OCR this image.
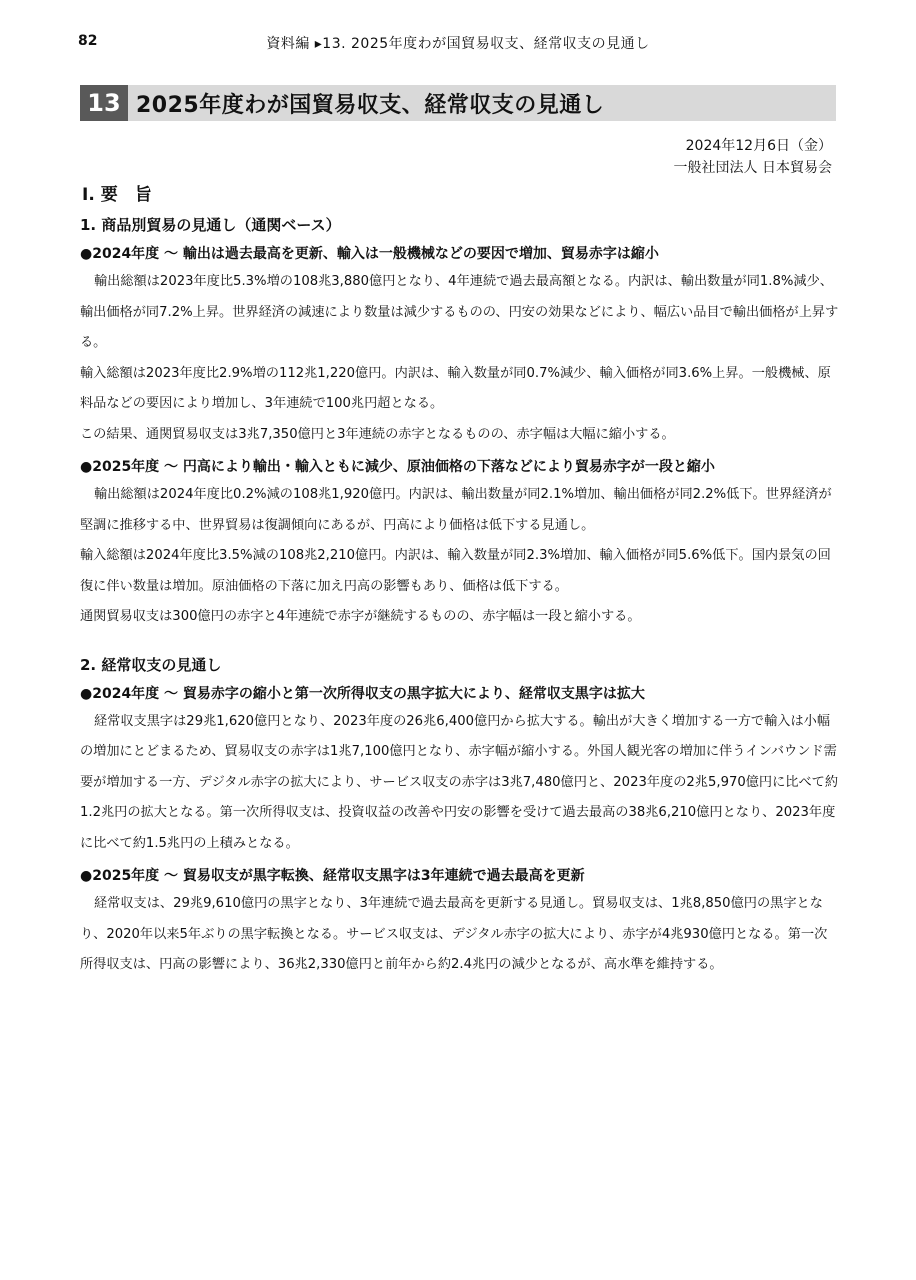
82	資料編 ▸13. 2025年度わが国貿易収支、経常収支の見通し
13 2025年度わが国貿易収支、経常収支の見通し
2024年12月6日（金）
一般社団法人 日本貿易会
Ⅰ. 要　旨
1. 商品別貿易の見通し（通関ベース）
●2024年度 ～ 輸出は過去最高を更新、輸入は一般機械などの要因で増加、貿易赤字は縮小

輸出総額は2023年度比5.3%増の108兆3,880億円となり、4年連続で過去最高額となる。内訳は、輸出数量が同1.8%減少、輸出価格が同7.2%上昇。世界経済の減速により数量は減少するものの、円安の効果などにより、幅広い品目で輸出価格が上昇する。

輸入総額は2023年度比2.9%増の112兆1,220億円。内訳は、輸入数量が同0.7%減少、輸入価格が同3.6%上昇。一般機械、原料品などの要因により増加し、3年連続で100兆円超となる。

この結果、通関貿易収支は3兆7,350億円と3年連続の赤字となるものの、赤字幅は大幅に縮小する。

●2025年度 ～ 円高により輸出・輸入ともに減少、原油価格の下落などにより貿易赤字が一段と縮小

輸出総額は2024年度比0.2%減の108兆1,920億円。内訳は、輸出数量が同2.1%増加、輸出価格が同2.2%低下。世界経済が堅調に推移する中、世界貿易は復調傾向にあるが、円高により価格は低下する見通し。

輸入総額は2024年度比3.5%減の108兆2,210億円。内訳は、輸入数量が同2.3%増加、輸入価格が同5.6%低下。国内景気の回復に伴い数量は増加。原油価格の下落に加え円高の影響もあり、価格は低下する。

通関貿易収支は300億円の赤字と4年連続で赤字が継続するものの、赤字幅は一段と縮小する。

2. 経常収支の見通し
●2024年度 ～ 貿易赤字の縮小と第一次所得収支の黒字拡大により、経常収支黒字は拡大

経常収支黒字は29兆1,620億円となり、2023年度の26兆6,400億円から拡大する。輸出が大きく増加する一方で輸入は小幅の増加にとどまるため、貿易収支の赤字は1兆7,100億円となり、赤字幅が縮小する。外国人観光客の増加に伴うインバウンド需要が増加する一方、デジタル赤字の拡大により、サービス収支の赤字は3兆7,480億円と、2023年度の2兆5,970億円に比べて約1.2兆円の拡大となる。第一次所得収支は、投資収益の改善や円安の影響を受けて過去最高の38兆6,210億円となり、2023年度に比べて約1.5兆円の上積みとなる。

●2025年度 ～ 貿易収支が黒字転換、経常収支黒字は3年連続で過去最高を更新

経常収支は、29兆9,610億円の黒字となり、3年連続で過去最高を更新する見通し。貿易収支は、1兆8,850億円の黒字となり、2020年以来5年ぶりの黒字転換となる。サービス収支は、デジタル赤字の拡大により、赤字が4兆930億円となる。第一次所得収支は、円高の影響により、36兆2,330億円と前年から約2.4兆円の減少となるが、高水準を維持する。
